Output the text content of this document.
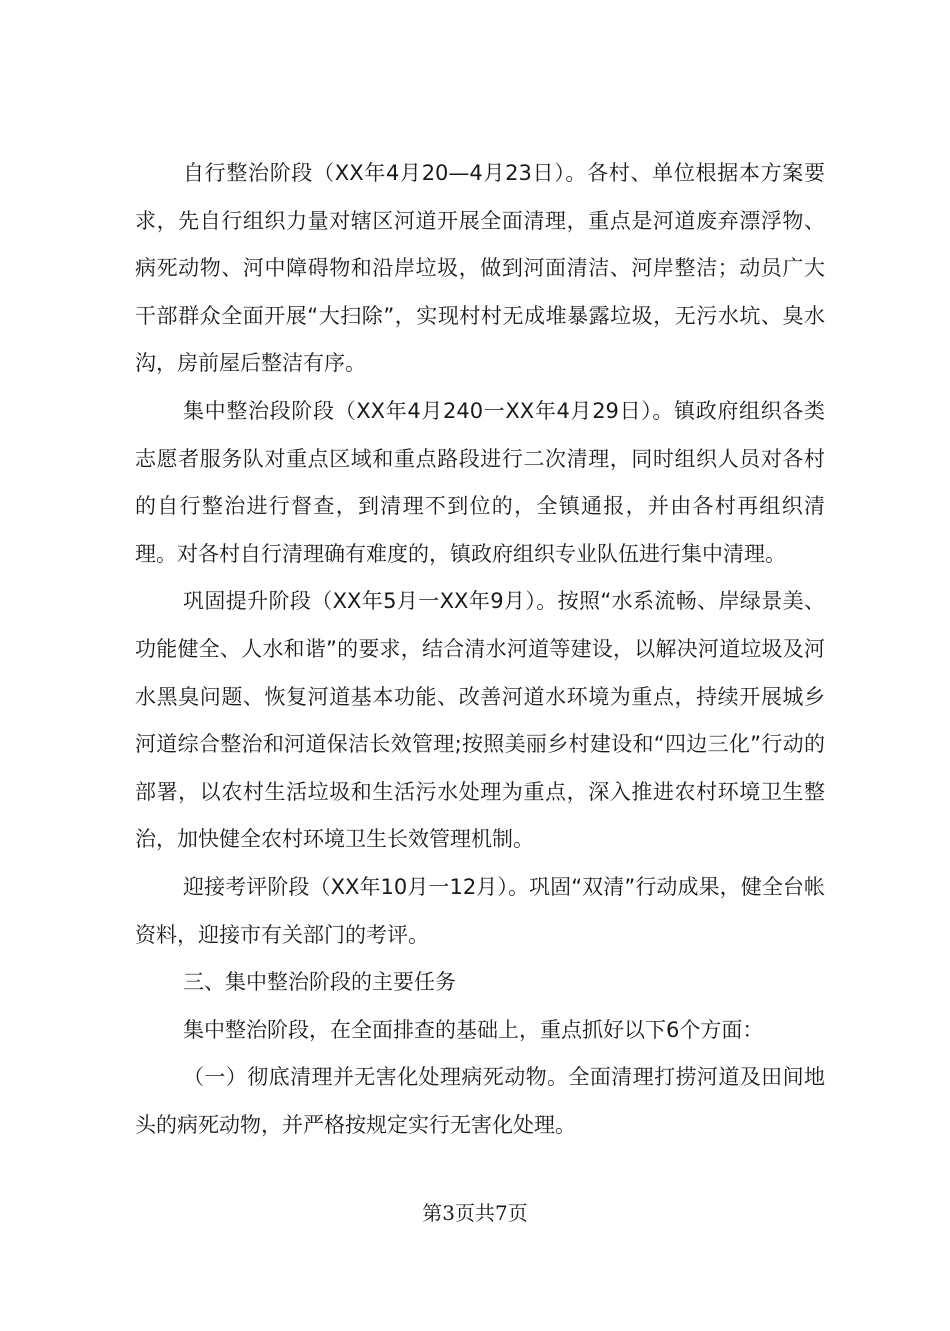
自行整治阶段（XX年4月20—4月23日）。各村、单位根据本方案要求，先自行组织力量对辖区河道开展全面清理，重点是河道废弃漂浮物、病死动物、河中障碍物和沿岸垃圾，做到河面清洁、河岸整洁；动员广大干部群众全面开展“大扫除”，实现村村无成堆暴露垃圾，无污水坑、臭水沟，房前屋后整洁有序。

集中整治段阶段（XX年4月240一XX年4月29日）。镇政府组织各类志愿者服务队对重点区域和重点路段进行二次清理，同时组织人员对各村的自行整治进行督查，到清理不到位的，全镇通报，并由各村再组织清理。对各村自行清理确有难度的，镇政府组织专业队伍进行集中清理。

巩固提升阶段（XX年5月一XX年9月）。按照“水系流畅、岸绿景美、功能健全、人水和谐”的要求，结合清水河道等建设，以解决河道垃圾及河水黑臭问题、恢复河道基本功能、改善河道水环境为重点，持续开展城乡河道综合整治和河道保洁长效管理;按照美丽乡村建设和“四边三化”行动的部署，以农村生活垃圾和生活污水处理为重点，深入推进农村环境卫生整治，加快健全农村环境卫生长效管理机制。

迎接考评阶段（XX年10月一12月）。巩固“双清”行动成果，健全台帐资料，迎接市有关部门的考评。

三、集中整治阶段的主要任务

集中整治阶段，在全面排查的基础上，重点抓好以下6个方面：

（一）彻底清理并无害化处理病死动物。全面清理打捞河道及田间地头的病死动物，并严格按规定实行无害化处理。

第3页共7页
